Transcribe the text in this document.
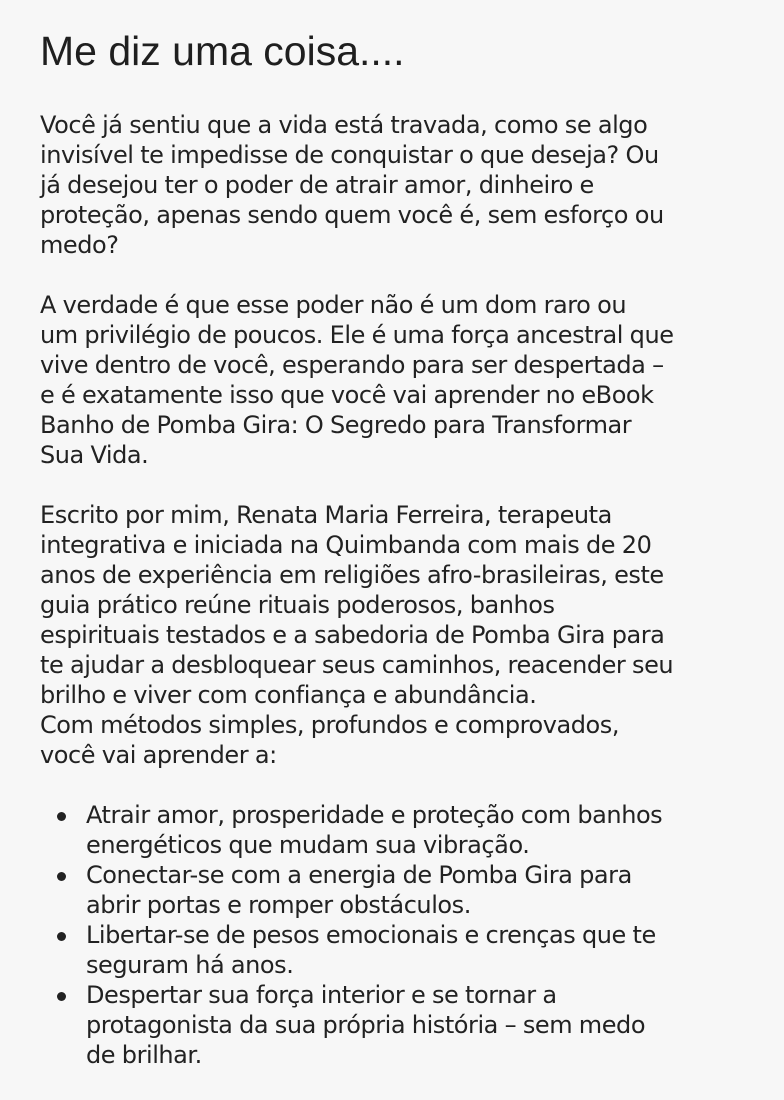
Me diz uma coisa....

Você já sentiu que a vida está travada, como se algo
invisível te impedisse de conquistar o que deseja? Ou
já desejou ter o poder de atrair amor, dinheiro e
proteção, apenas sendo quem você é, sem esforço ou
medo?

A verdade é que esse poder não é um dom raro ou
um privilégio de poucos. Ele é uma força ancestral que
vive dentro de você, esperando para ser despertada –
e é exatamente isso que você vai aprender no eBook
Banho de Pomba Gira: O Segredo para Transformar
Sua Vida.

Escrito por mim, Renata Maria Ferreira, terapeuta
integrativa e iniciada na Quimbanda com mais de 20
anos de experiência em religiões afro-brasileiras, este
guia prático reúne rituais poderosos, banhos
espirituais testados e a sabedoria de Pomba Gira para
te ajudar a desbloquear seus caminhos, reacender seu
brilho e viver com confiança e abundância.

Com métodos simples, profundos e comprovados,
você vai aprender a:

Atrair amor, prosperidade e proteção com banhos
energéticos que mudam sua vibração.
Conectar-se com a energia de Pomba Gira para
abrir portas e romper obstáculos.
Libertar-se de pesos emocionais e crenças que te
seguram há anos.
Despertar sua força interior e se tornar a
protagonista da sua própria história – sem medo
de brilhar.
